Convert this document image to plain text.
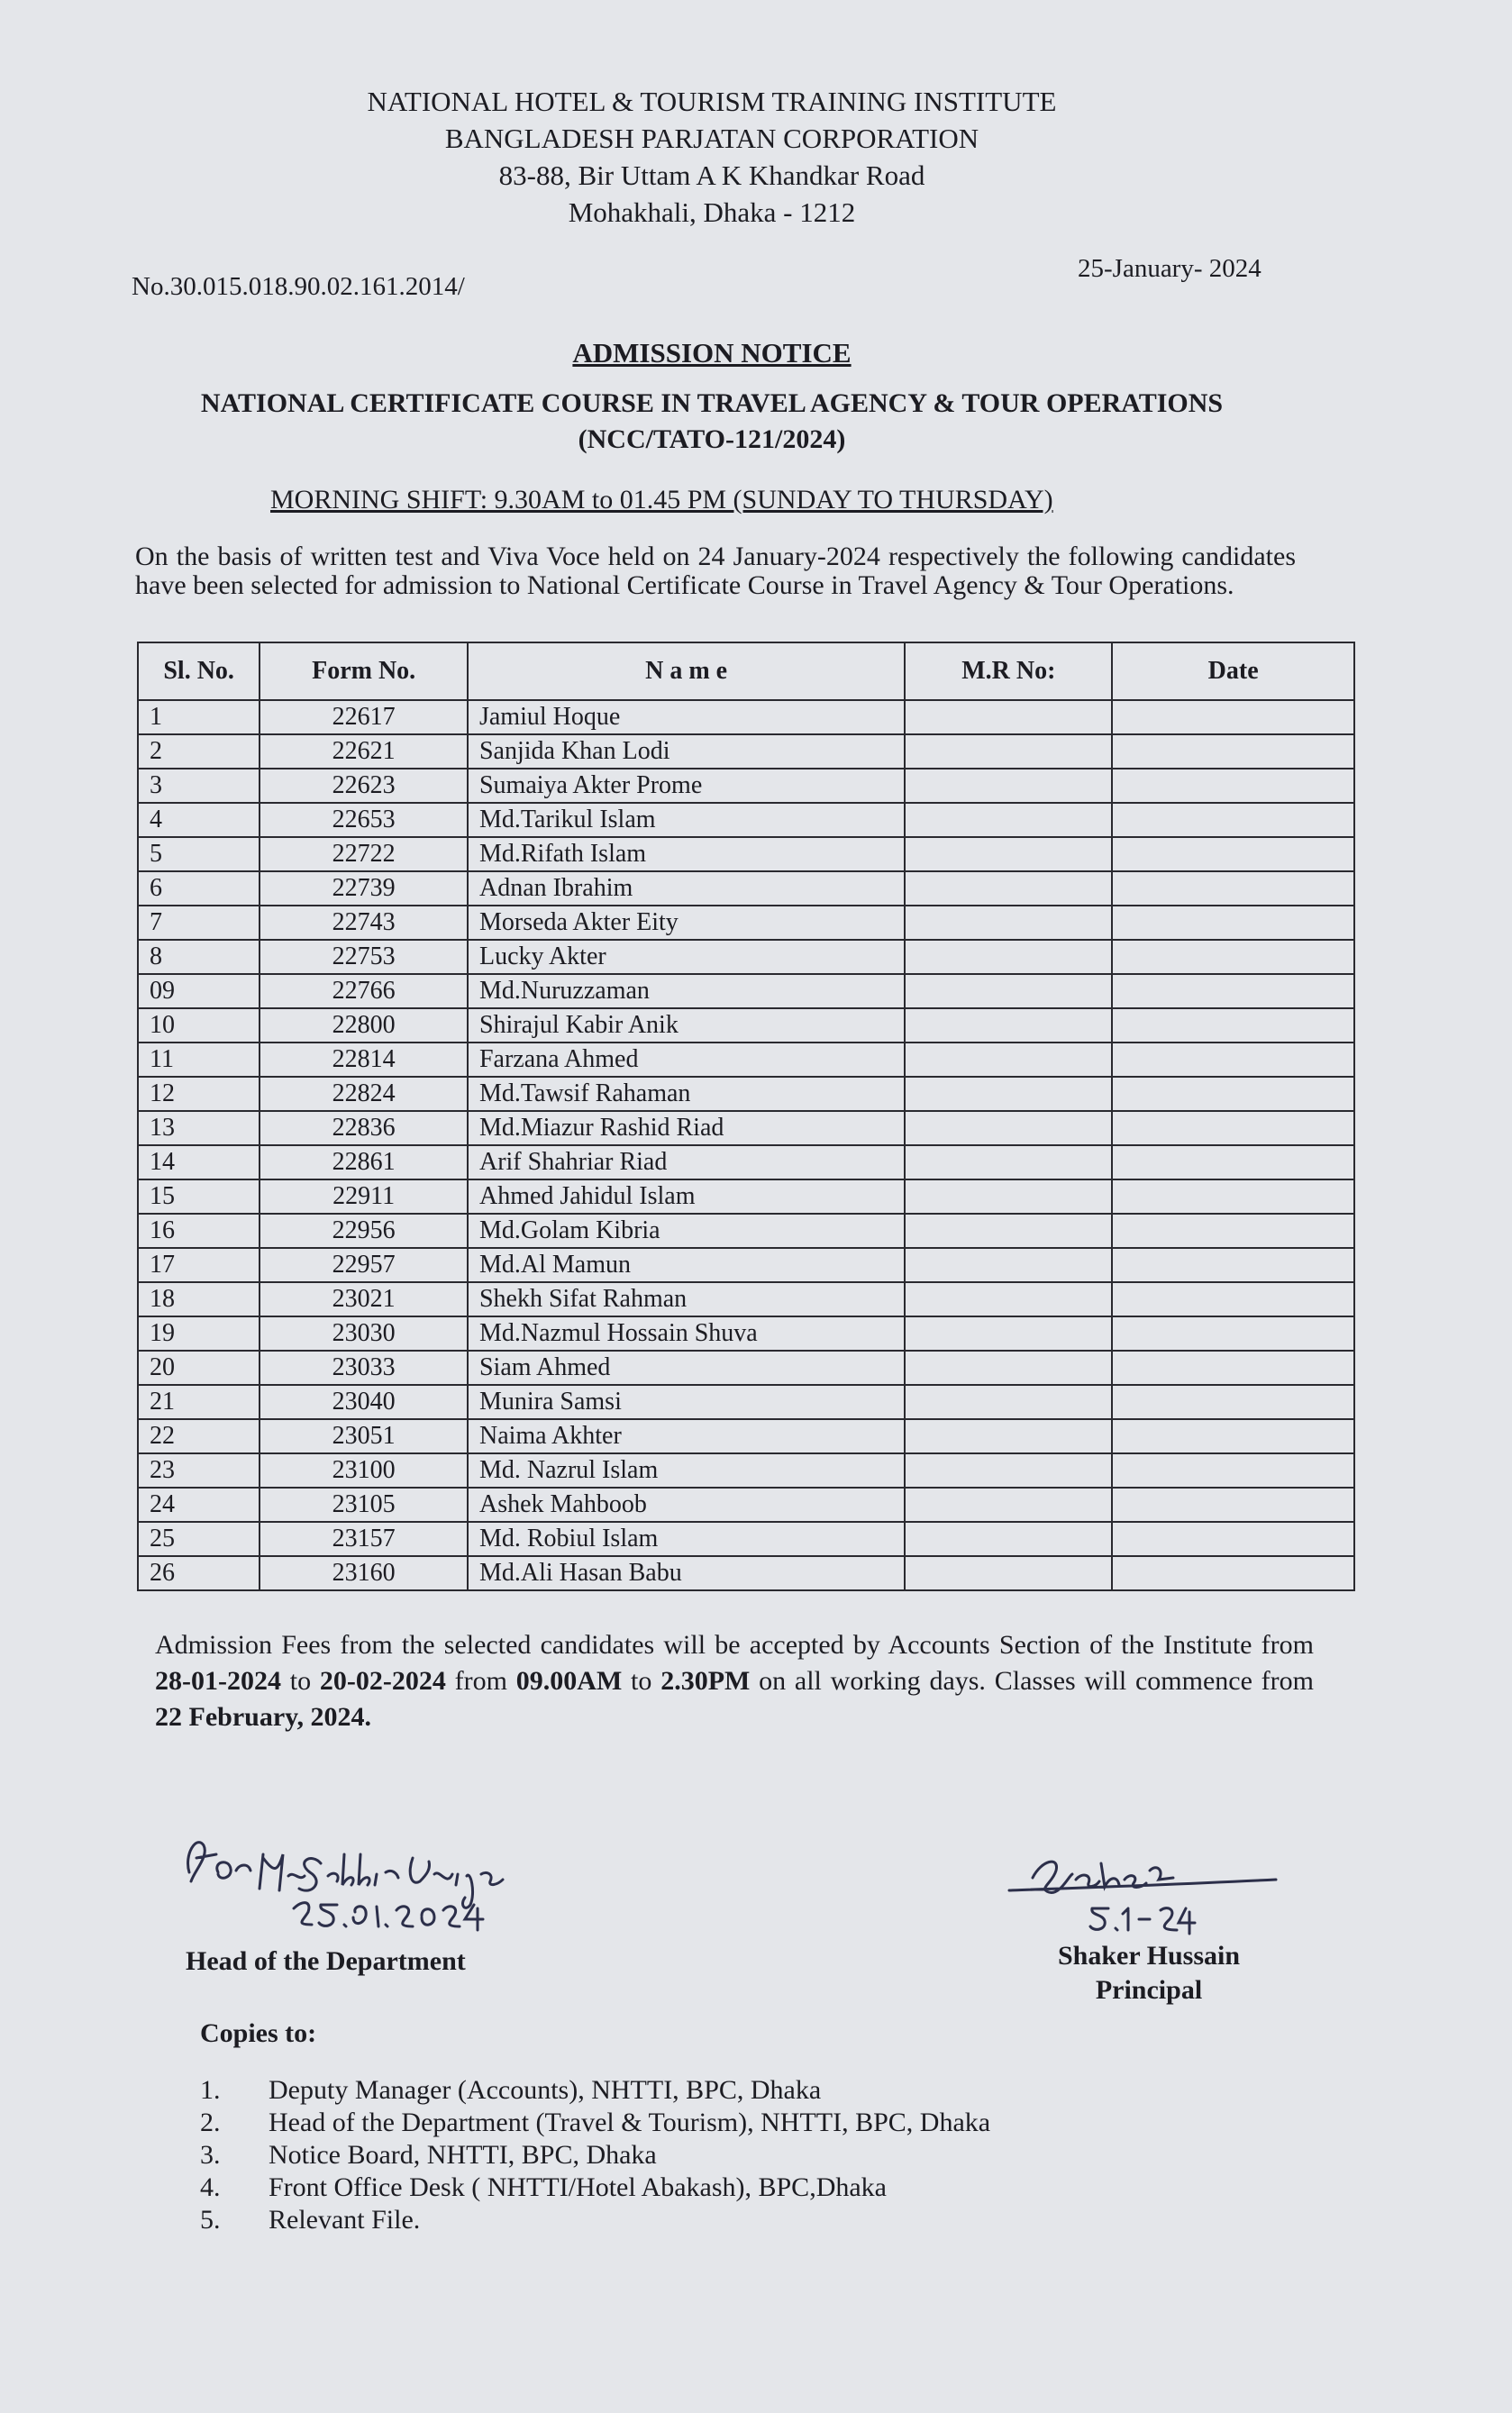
NATIONAL HOTEL & TOURISM TRAINING INSTITUTE
BANGLADESH PARJATAN CORPORATION
83-88, Bir Uttam A K Khandkar Road
Mohakhali, Dhaka - 1212
No.30.015.018.90.02.161.2014/
25-January- 2024
ADMISSION NOTICE
NATIONAL CERTIFICATE COURSE IN TRAVEL AGENCY & TOUR OPERATIONS
(NCC/TATO-121/2024)
MORNING SHIFT: 9.30AM to 01.45 PM (SUNDAY TO THURSDAY)
On the basis of written test and Viva Voce held on 24 January-2024 respectively the following candidates have been selected for admission to National Certificate Course in Travel Agency & Tour Operations.
Sl. No.	Form No.	N a m e	M.R No:	Date
1	22617	Jamiul Hoque		
2	22621	Sanjida Khan Lodi		
3	22623	Sumaiya Akter Prome		
4	22653	Md.Tarikul Islam		
5	22722	Md.Rifath Islam		
6	22739	Adnan Ibrahim		
7	22743	Morseda Akter Eity		
8	22753	Lucky Akter		
09	22766	Md.Nuruzzaman		
10	22800	Shirajul Kabir Anik		
11	22814	Farzana Ahmed		
12	22824	Md.Tawsif Rahaman		
13	22836	Md.Miazur Rashid Riad		
14	22861	Arif Shahriar Riad		
15	22911	Ahmed Jahidul Islam		
16	22956	Md.Golam Kibria		
17	22957	Md.Al Mamun		
18	23021	Shekh Sifat Rahman		
19	23030	Md.Nazmul Hossain Shuva		
20	23033	Siam Ahmed		
21	23040	Munira Samsi		
22	23051	Naima Akhter		
23	23100	Md. Nazrul Islam		
24	23105	Ashek Mahboob		
25	23157	Md. Robiul Islam		
26	23160	Md.Ali Hasan Babu		
Admission Fees from the selected candidates will be accepted by Accounts Section of the Institute from 28-01-2024 to 20-02-2024 from 09.00AM to 2.30PM on all working days. Classes will commence from 22 February, 2024.
Head of the Department	Shaker Hussain
Principal
Copies to:
1.	Deputy Manager (Accounts), NHTTI, BPC, Dhaka
2.	Head of the Department (Travel & Tourism), NHTTI, BPC, Dhaka
3.	Notice Board, NHTTI, BPC, Dhaka
4.	Front Office Desk ( NHTTI/Hotel Abakash), BPC,Dhaka
5.	Relevant File.
